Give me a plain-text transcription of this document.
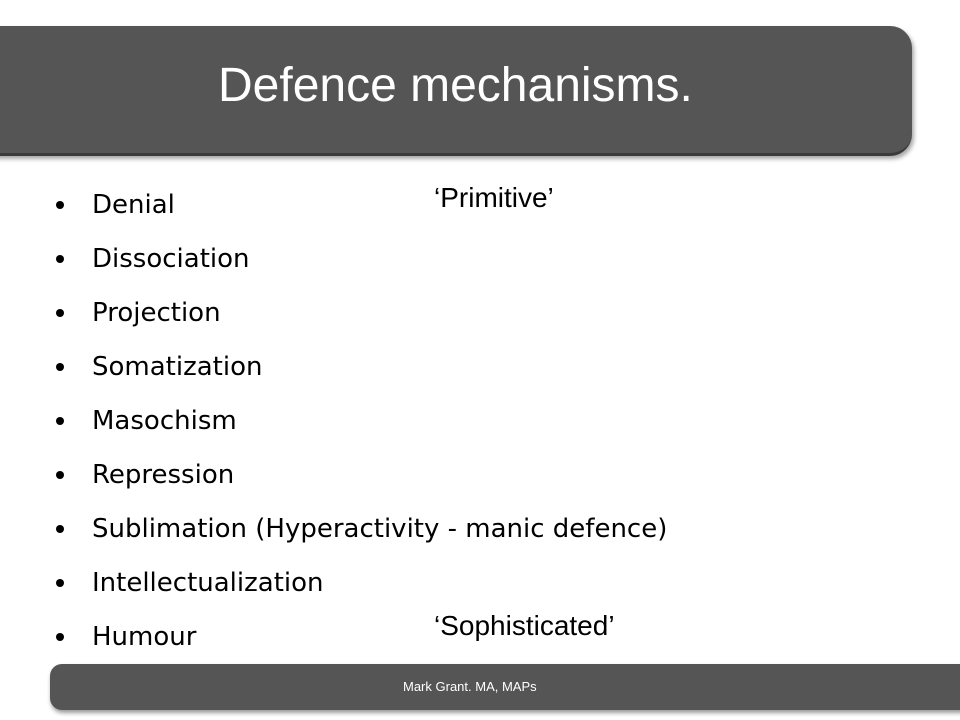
Defence mechanisms.
Denial
Dissociation
Projection
Somatization
Masochism
Repression
Sublimation (Hyperactivity - manic defence)
Intellectualization
Humour
‘Primitive’
‘Sophisticated’
Mark Grant. MA, MAPs
